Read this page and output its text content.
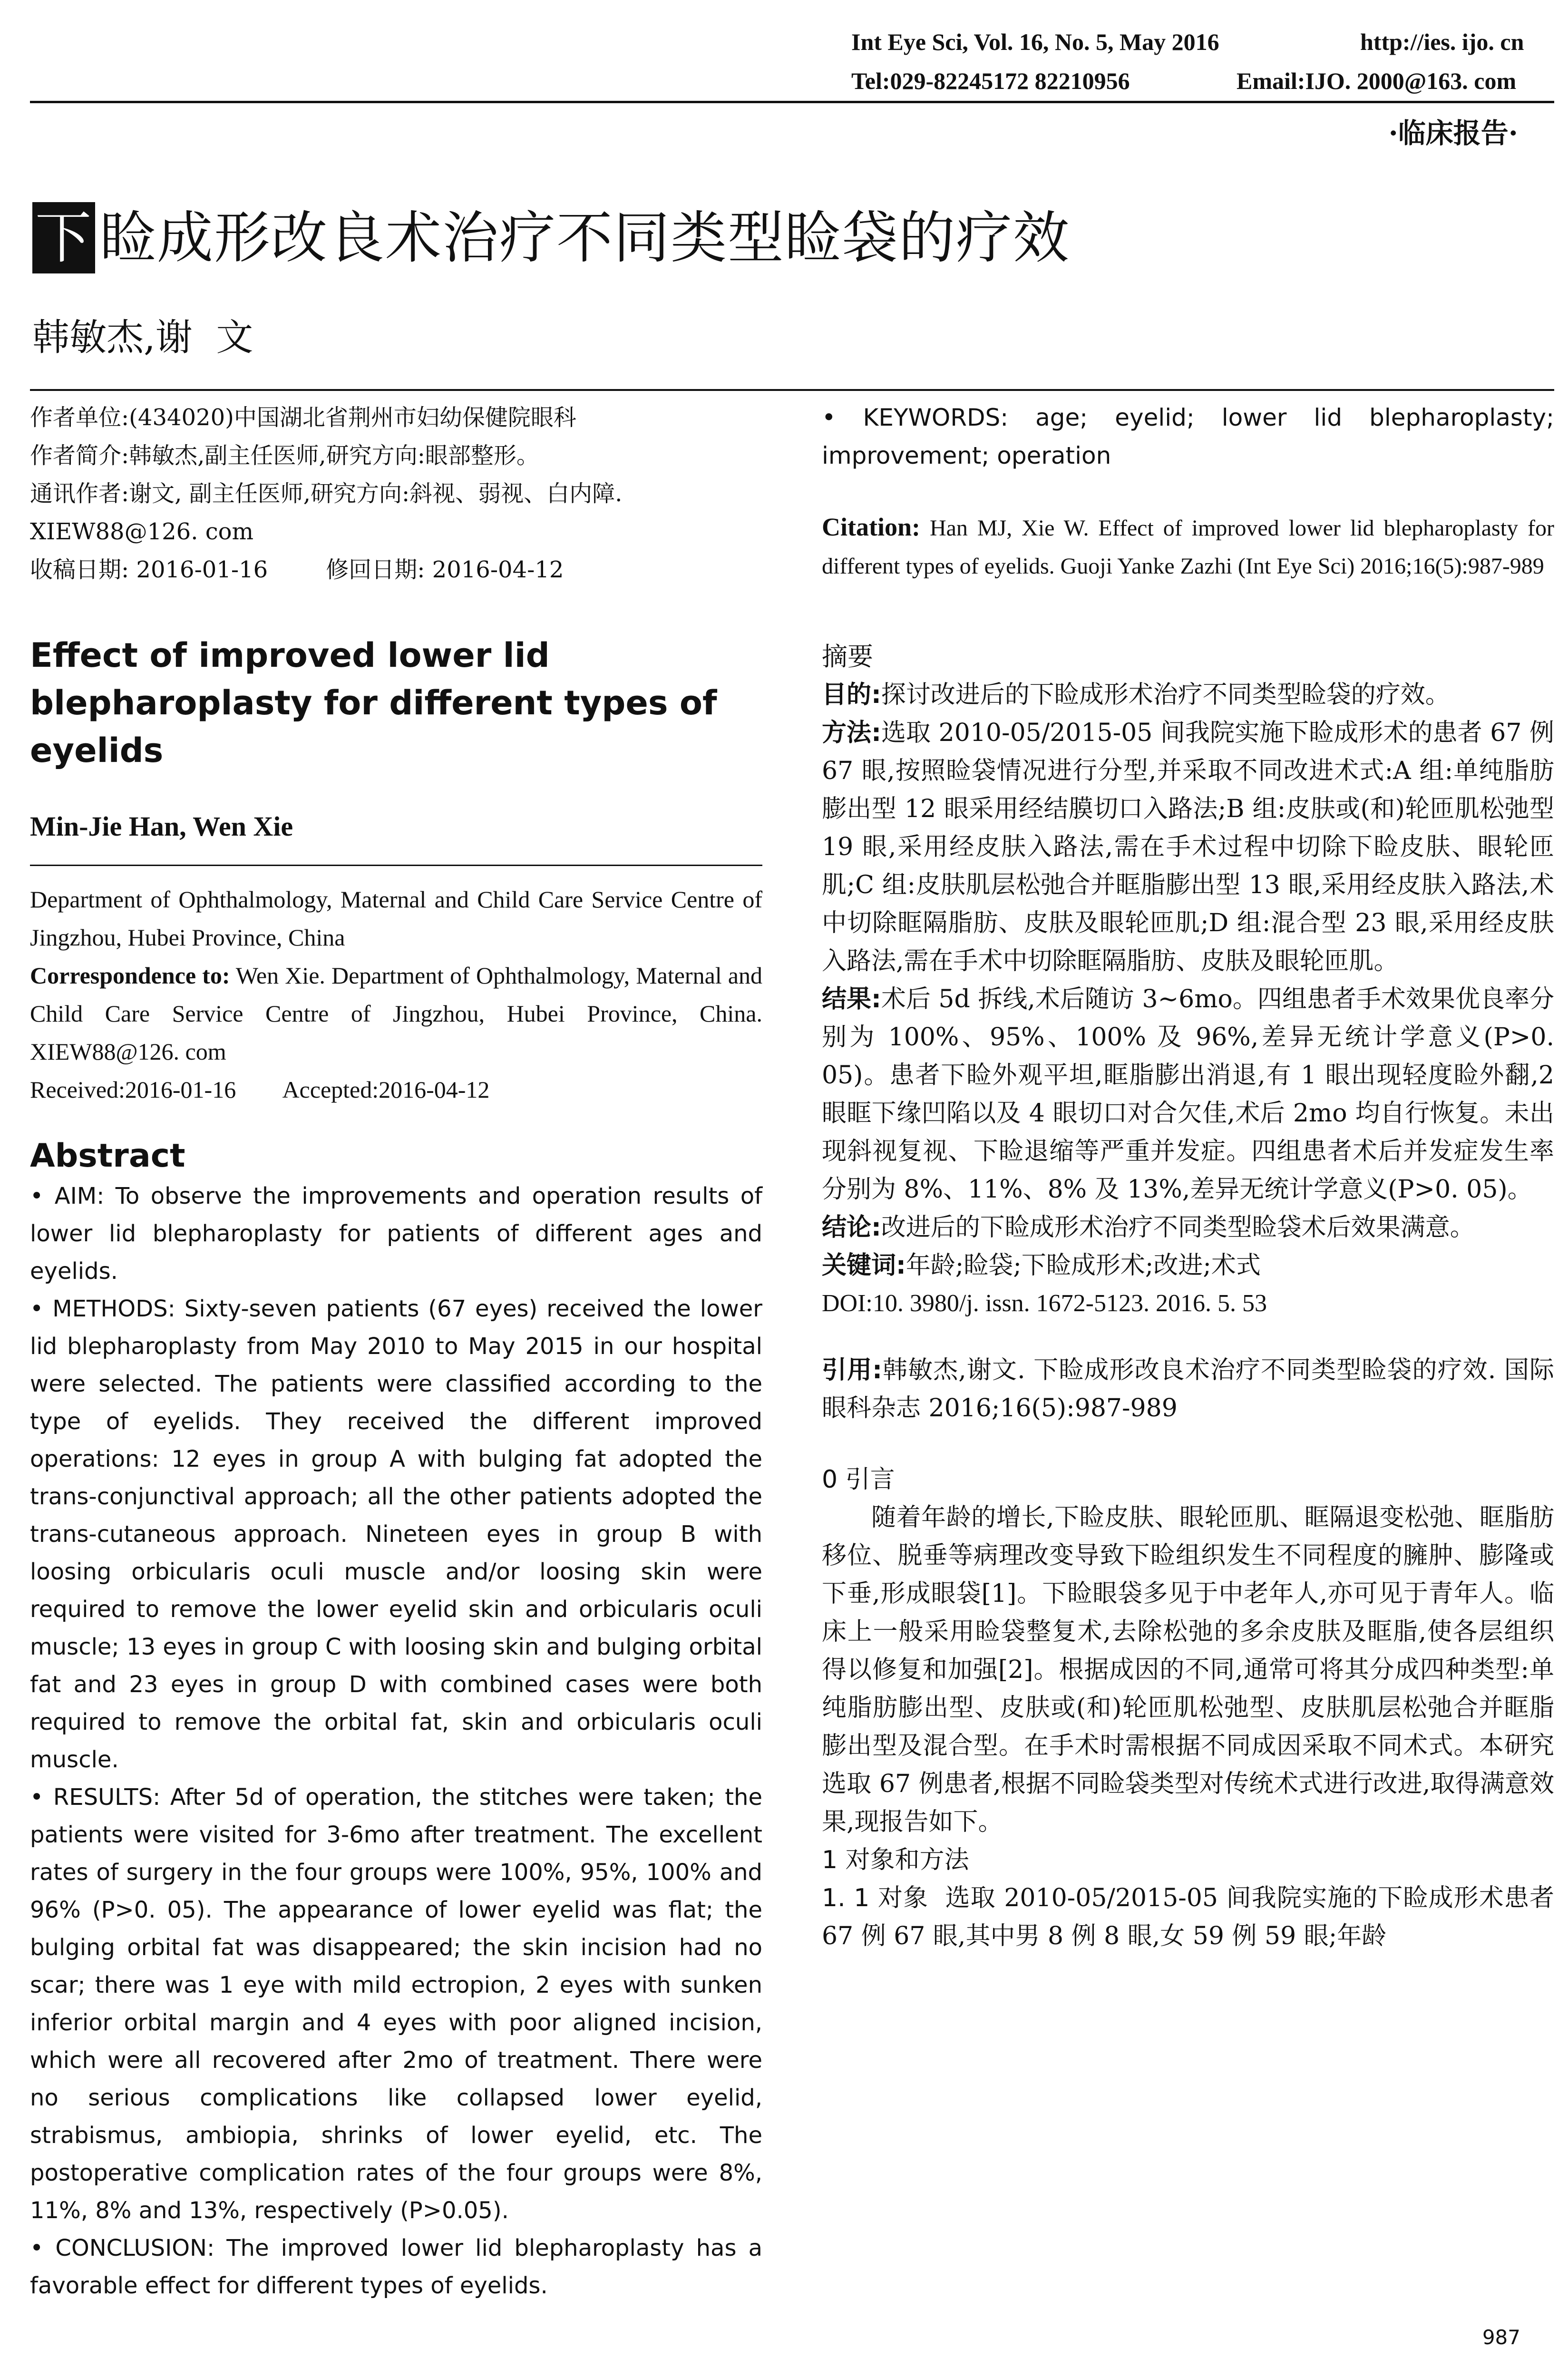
Int Eye Sci, Vol. 16, No. 5, May 2016	http://ies. ijo. cn
Tel:029-82245172 82210956	Email:IJO. 2000@163. com
·临床报告·
下 睑成形改良术治疗不同类型睑袋的疗效
韩敏杰,谢  文

作者单位:(434020)中国湖北省荆州市妇幼保健院眼科

作者简介:韩敏杰,副主任医师,研究方向:眼部整形。

通讯作者:谢文, 副主任医师,研究方向:斜视、弱视、白内障.

XIEW88@126. com

收稿日期: 2016-01-16        修回日期: 2016-04-12

Effect of improved lower lid blepharoplasty for different types of eyelids

Min-Jie Han, Wen Xie

Department of Ophthalmology, Maternal and Child Care Service Centre of Jingzhou, Hubei Province, China

Correspondence to: Wen Xie. Department of Ophthalmology, Maternal and Child Care Service Centre of Jingzhou, Hubei Province, China. XIEW88@126. com

Received:2016-01-16        Accepted:2016-04-12

Abstract

• AIM: To observe the improvements and operation results of lower lid blepharoplasty for patients of different ages and eyelids.

• METHODS: Sixty-seven patients (67 eyes) received the lower lid blepharoplasty from May 2010 to May 2015 in our hospital were selected. The patients were classified according to the type of eyelids. They received the different improved operations: 12 eyes in group A with bulging fat adopted the trans-conjunctival approach; all the other patients adopted the trans-cutaneous approach. Nineteen eyes in group B with loosing orbicularis oculi muscle and/or loosing skin were required to remove the lower eyelid skin and orbicularis oculi muscle; 13 eyes in group C with loosing skin and bulging orbital fat and 23 eyes in group D with combined cases were both required to remove the orbital fat, skin and orbicularis oculi muscle.

• RESULTS: After 5d of operation, the stitches were taken; the patients were visited for 3-6mo after treatment. The excellent rates of surgery in the four groups were 100%, 95%, 100% and 96% (P>0. 05). The appearance of lower eyelid was flat; the bulging orbital fat was disappeared; the skin incision had no scar; there was 1 eye with mild ectropion, 2 eyes with sunken inferior orbital margin and 4 eyes with poor aligned incision, which were all recovered after 2mo of treatment. There were no serious complications like collapsed lower eyelid, strabismus, ambiopia, shrinks of lower eyelid, etc. The postoperative complication rates of the four groups were 8%, 11%, 8% and 13%, respectively (P>0.05).

• CONCLUSION: The improved lower lid blepharoplasty has a favorable effect for different types of eyelids.

• KEYWORDS: age; eyelid; lower lid blepharoplasty; improvement; operation

Citation: Han MJ, Xie W. Effect of improved lower lid blepharoplasty for different types of eyelids. Guoji Yanke Zazhi (Int Eye Sci) 2016;16(5):987-989

摘要

目的:探讨改进后的下睑成形术治疗不同类型睑袋的疗效。

方法:选取 2010-05/2015-05 间我院实施下睑成形术的患者 67 例 67 眼,按照睑袋情况进行分型,并采取不同改进术式:A 组:单纯脂肪膨出型 12 眼采用经结膜切口入路法;B 组:皮肤或(和)轮匝肌松弛型 19 眼,采用经皮肤入路法,需在手术过程中切除下睑皮肤、眼轮匝肌;C 组:皮肤肌层松弛合并眶脂膨出型 13 眼,采用经皮肤入路法,术中切除眶隔脂肪、皮肤及眼轮匝肌;D 组:混合型 23 眼,采用经皮肤入路法,需在手术中切除眶隔脂肪、皮肤及眼轮匝肌。

结果:术后 5d 拆线,术后随访 3~6mo。四组患者手术效果优良率分别为 100%、95%、100% 及 96%,差异无统计学意义(P>0. 05)。患者下睑外观平坦,眶脂膨出消退,有 1 眼出现轻度睑外翻,2 眼眶下缘凹陷以及 4 眼切口对合欠佳,术后 2mo 均自行恢复。未出现斜视复视、下睑退缩等严重并发症。四组患者术后并发症发生率分别为 8%、11%、8% 及 13%,差异无统计学意义(P>0. 05)。

结论:改进后的下睑成形术治疗不同类型睑袋术后效果满意。

关键词:年龄;睑袋;下睑成形术;改进;术式

DOI:10. 3980/j. issn. 1672-5123. 2016. 5. 53

引用:韩敏杰,谢文. 下睑成形改良术治疗不同类型睑袋的疗效. 国际眼科杂志 2016;16(5):987-989

0 引言

随着年龄的增长,下睑皮肤、眼轮匝肌、眶隔退变松弛、眶脂肪移位、脱垂等病理改变导致下睑组织发生不同程度的臃肿、膨隆或下垂,形成眼袋[1]。下睑眼袋多见于中老年人,亦可见于青年人。临床上一般采用睑袋整复术,去除松弛的多余皮肤及眶脂,使各层组织得以修复和加强[2]。根据成因的不同,通常可将其分成四种类型:单纯脂肪膨出型、皮肤或(和)轮匝肌松弛型、皮肤肌层松弛合并眶脂膨出型及混合型。在手术时需根据不同成因采取不同术式。本研究选取 67 例患者,根据不同睑袋类型对传统术式进行改进,取得满意效果,现报告如下。

1 对象和方法

1. 1 对象  选取 2010-05/2015-05 间我院实施的下睑成形术患者 67 例 67 眼,其中男 8 例 8 眼,女 59 例 59 眼;年龄

987
